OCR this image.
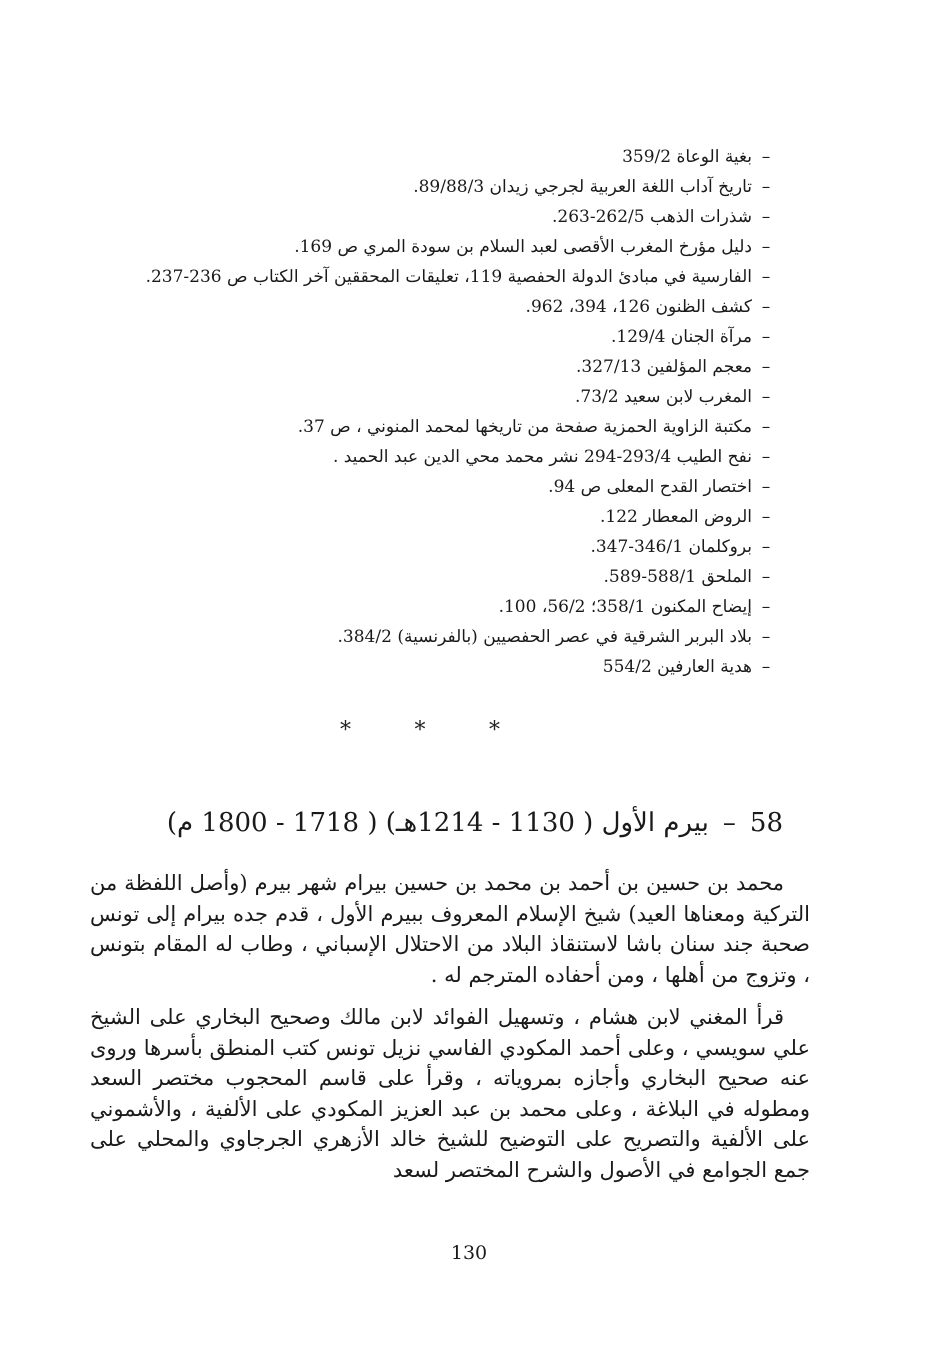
–بغية الوعاة 359/2
–تاريخ آداب اللغة العربية لجرجي زيدان 89/88/3.
–شذرات الذهب 262/5-263.
–دليل مؤرخ المغرب الأقصى لعبد السلام بن سودة المري ص 169.
–الفارسية في مبادئ الدولة الحفصية 119، تعليقات المحققين آخر الكتاب ص 236-237.
–كشف الظنون 126، 394، 962.
–مرآة الجنان 129/4.
–معجم المؤلفين 327/13.
–المغرب لابن سعيد 73/2.
–مكتبة الزاوية الحمزية صفحة من تاريخها لمحمد المنوني ، ص 37.
–نفح الطيب 293/4-294 نشر محمد محي الدين عبد الحميد .
–اختصار القدح المعلى ص 94.
–الروض المعطار 122.
–بروكلمان 346/1-347.
–الملحق 588/1-589.
–إيضاح المكنون 358/1؛ 56/2، 100.
–بلاد البربر الشرقية في عصر الحفصيين (بالفرنسية) 384/2.
–هدية العارفين 554/2
*	*	*
58–بيرم الأول ( 1130 - 1214هـ) ( 1718 - 1800 م)

محمد بن حسين بن أحمد بن محمد بن حسين بيرام شهر بيرم (وأصل اللفظة من التركية ومعناها العيد) شيخ الإسلام المعروف ببيرم الأول ، قدم جده بيرام إلى تونس صحبة جند سنان باشا لاستنقاذ البلاد من الاحتلال الإسباني ، وطاب له المقام بتونس ، وتزوج من أهلها ، ومن أحفاده المترجم له .

قرأ المغني لابن هشام ، وتسهيل الفوائد لابن مالك وصحيح البخاري على الشيخ علي سويسي ، وعلى أحمد المكودي الفاسي نزيل تونس كتب المنطق بأسرها وروى عنه صحيح البخاري وأجازه بمروياته ، وقرأ على قاسم المحجوب مختصر السعد ومطوله في البلاغة ، وعلى محمد بن عبد العزيز المكودي على الألفية ، والأشموني على الألفية والتصريح على التوضيح للشيخ خالد الأزهري الجرجاوي والمحلي على جمع الجوامع في الأصول والشرح المختصر لسعد

130
